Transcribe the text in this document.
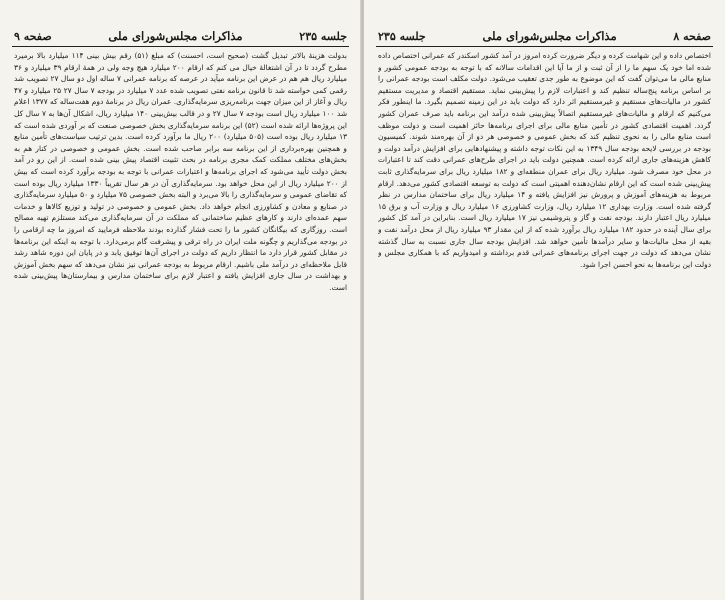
جلسه ۲۳۵
مذاکرات مجلس‌شورای ملی
صفحه ۹

بدولت هزینهٔ بالاتر تبدیل گشت (صحیح است، احسنت) که مبلغ (۵۱) رقم بیش بینی ۱۱۴ میلیارد بالا برمیرد مطرح گردد تا در آن اشتغالهٔ خیال می کنم که ارقام ۲۰۰ میلیارد هیچ وجه ولی در همهٔ ارقام ۳۹ میلیارد و ۳۶ میلیارد ریال هم هم در عرض این برنامه میآید در عرصه که برنامه عمرانی ۷ ساله اول دو سال ۲۷ تصویب شد رقمی کمی خواسته شد تا قانون برنامه نفتی تصویب شده عدد ۷ میلیارد در بودجه ۷ سال ۲۷ ۲۵ میلیارد و ۴۷ ریال و آغاز از این میزان جهت برنامه‌ریزی سرمایه‌گذاری. عمران ریال در برنامهٔ دوم هفت‌ساله که ۱۳۷۷ اعلام شد ۱۰۰ میلیارد ریال است بودجه ۷ سال ۲۷ و در قالب بیش‌بینی ۱۴۰ میلیارد ریال، اشکال آن‌ها به ۷ سال کل این پروژه‌ها ارائه شده است (۵۲) این برنامه سرمایه‌گذاری بخش خصوصی صنعت که بر آوردی شده است که ۱۳ میلیارد ریال بوده است (۵۰۵ میلیارد) ۲۰۰ ریال ما برآورد کرده است. بدین ترتیب سیاست‌های تأمین منابع و همچنین بهره‌برداری از این برنامه سه برابر صاحب شده است. بخش عمومی و خصوصی در کنار هم به بخش‌های مختلف مملکت کمک مجری برنامه در بحث تثبیت اقتصاد پیش بینی شده است. از این رو در آمد بخش دولت تأیید می‌شود که اجرای برنامه‌ها و اعتبارات عمرانی با توجه به بودجه برآورد کرده است که بیش از ۲۰۰ میلیارد ریال از این محل خواهد بود. سرمایه‌گذاری آن در هر سال تقریباً ۱۳۳۰ میلیارد ریال بوده است که تقاضای عمومی و سرمایه‌گذاری را بالا می‌برد و البته بخش خصوصی ۷۵ میلیارد و ۵۰ میلیارد سرمایه‌گذاری در صنایع و معادن و کشاورزی انجام خواهد داد. بخش عمومی و خصوصی در تولید و توزیع کالاها و خدمات سهم عمده‌ای دارند و کارهای عظیم ساختمانی که مملکت در آن سرمایه‌گذاری می‌کند مستلزم تهیه مصالح است. روزگاری که بیگانگان کشور ما را تحت فشار گذارده بودند ملاحظه فرمایید که امروز ما چه ارقامی را در بودجه می‌گذاریم و چگونه ملت ایران در راه ترقی و پیشرفت گام برمی‌دارد. با توجه به اینکه این برنامه‌ها در مقابل کشور قرار دارد ما انتظار داریم که دولت در اجرای آن‌ها توفیق یابد و در پایان این دوره شاهد رشد قابل ملاحظه‌ای در درآمد ملی باشیم. ارقام مربوط به بودجه عمرانی نیز نشان می‌دهد که سهم بخش آموزش و بهداشت در سال جاری افزایش یافته و اعتبار لازم برای ساختمان مدارس و بیمارستان‌ها پیش‌بینی شده است.

صفحه ۸
مذاکرات مجلس‌شورای ملی
جلسه ۲۳۵

اختصاص داده و این شهامت کرده و دیگر ضرورت کرده امروز در آمد کشور اسکندر که عمرانی اختصاص داده شده اما خود یک سهم ما را از آن ثبت و از ما آیا این اقدامات سالانه که با توجه به بودجه عمومی کشور و منابع مالی ما می‌توان گفت که این موضوع به طور جدی تعقیب می‌شود. دولت مکلف است بودجه عمرانی را بر اساس برنامه پنج‌ساله تنظیم کند و اعتبارات لازم را پیش‌بینی نماید. مستقیم اقتصاد و مدیریت مستقیم کشور در مالیات‌های مستقیم و غیرمستقیم اثر دارد که دولت باید در این زمینه تصمیم بگیرد. ما اینطور فکر می‌کنیم که ارقام و مالیات‌های غیرمستقیم اتصالاً پیش‌بینی شده درآمد این برنامه باید صرف عمران کشور گردد. اهمیت اقتصادی کشور در تأمین منابع مالی برای اجرای برنامه‌ها حائز اهمیت است و دولت موظف است منابع مالی را به نحوی تنظیم کند که بخش عمومی و خصوصی هر دو از آن بهره‌مند شوند. کمیسیون بودجه در بررسی لایحه بودجه سال ۱۳۴۹ به این نکات توجه داشته و پیشنهادهایی برای افزایش درآمد دولت و کاهش هزینه‌های جاری ارائه کرده است. همچنین دولت باید در اجرای طرح‌های عمرانی دقت کند تا اعتبارات در محل خود مصرف شود. میلیارد ریال برای عمران منطقه‌ای و ۱۸۲ میلیارد ریال برای سرمایه‌گذاری ثابت پیش‌بینی شده است که این ارقام نشان‌دهنده اهمیتی است که دولت به توسعه اقتصادی کشور می‌دهد. ارقام مربوط به هزینه‌های آموزش و پرورش نیز افزایش یافته و ۱۴ میلیارد ریال برای ساختمان مدارس در نظر گرفته شده است. وزارت بهداری ۱۲ میلیارد ریال، وزارت کشاورزی ۱۶ میلیارد ریال و وزارت آب و برق ۱۵ میلیارد ریال اعتبار دارند. بودجه نفت و گاز و پتروشیمی نیز ۱۷ میلیارد ریال است. بنابراین در آمد کل کشور برای سال آینده در حدود ۱۸۲ میلیارد ریال برآورد شده که از این مقدار ۹۳ میلیارد ریال از محل درآمد نفت و بقیه از محل مالیات‌ها و سایر درآمدها تأمین خواهد شد. افزایش بودجه سال جاری نسبت به سال گذشته نشان می‌دهد که دولت در جهت اجرای برنامه‌های عمرانی قدم برداشته و امیدواریم که با همکاری مجلس و دولت این برنامه‌ها به نحو احسن اجرا شود.
